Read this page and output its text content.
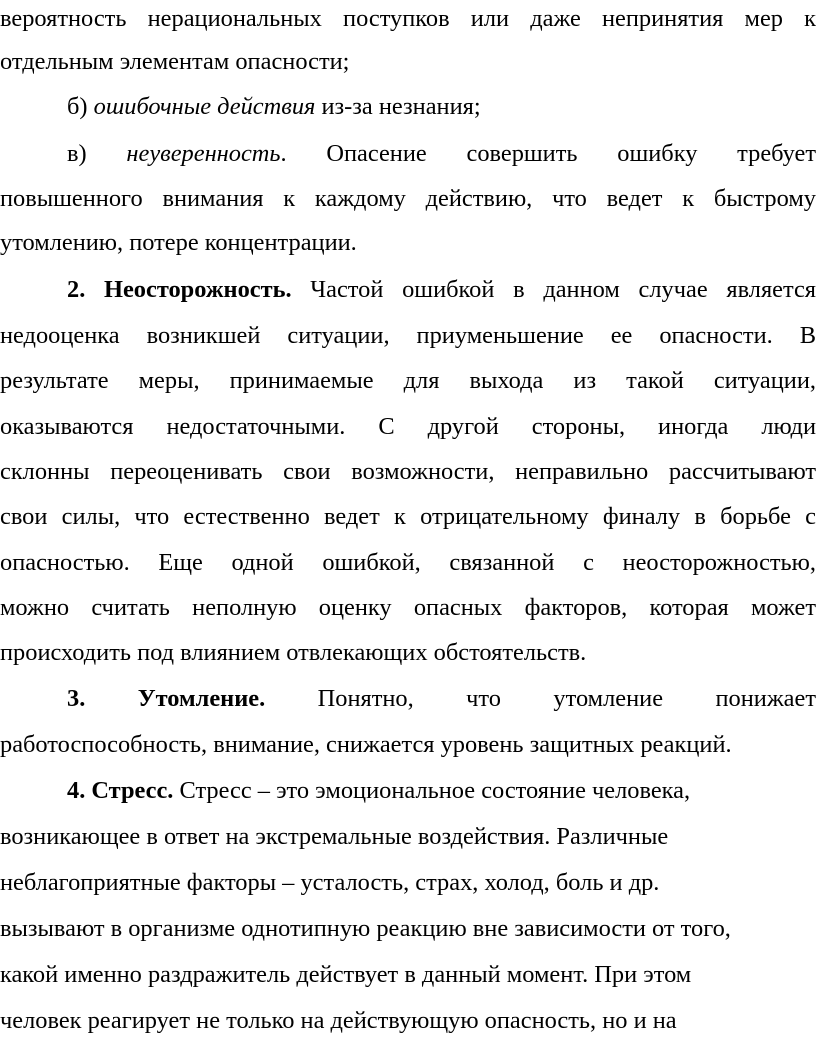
вероятность нерациональных поступков или даже непринятия мер к
отдельным элементам опасности;
б) ошибочные действия из-за незнания;
в) неуверенность. Опасение совершить ошибку требует
повышенного внимания к каждому действию, что ведет к быстрому
утомлению, потере концентрации.
2. Неосторожность. Частой ошибкой в данном случае является
недооценка возникшей ситуации, приуменьшение ее опасности. В
результате меры, принимаемые для выхода из такой ситуации,
оказываются недостаточными. С другой стороны, иногда люди
склонны переоценивать свои возможности, неправильно рассчитывают
свои силы, что естественно ведет к отрицательному финалу в борьбе с
опасностью. Еще одной ошибкой, связанной с неосторожностью,
можно считать неполную оценку опасных факторов, которая может
происходить под влиянием отвлекающих обстоятельств.
3. Утомление. Понятно, что утомление понижает
работоспособность, внимание, снижается уровень защитных реакций.
4. Стресс. Стресс – это эмоциональное состояние человека,
возникающее в ответ на экстремальные воздействия. Различные
неблагоприятные факторы – усталость, страх, холод, боль и др.
вызывают в организме однотипную реакцию вне зависимости от того,
какой именно раздражитель действует в данный момент. При этом
человек реагирует не только на действующую опасность, но и на
